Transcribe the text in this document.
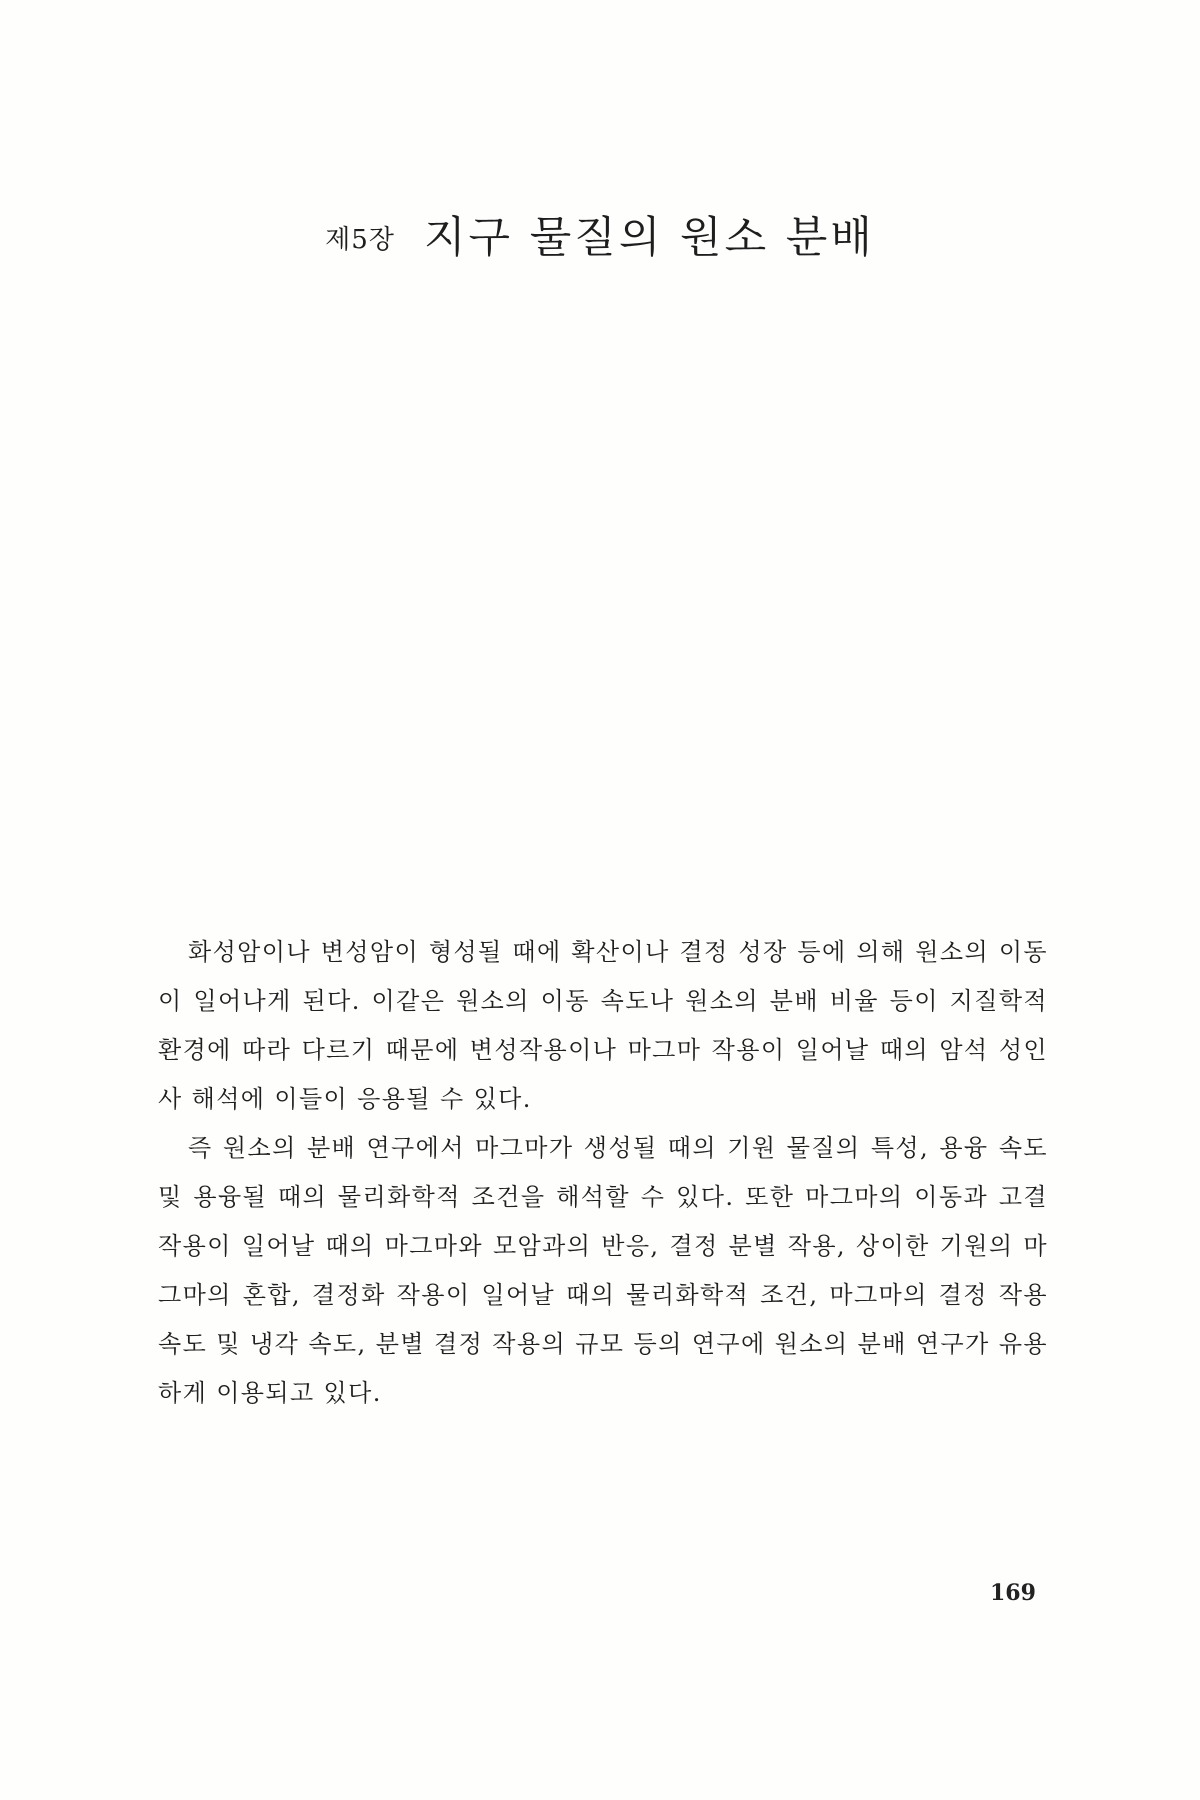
제5장 지구 물질의 원소 분배

화성암이나 변성암이 형성될 때에 확산이나 결정 성장 등에 의해 원소의 이동이 일어나게 된다. 이같은 원소의 이동 속도나 원소의 분배 비율 등이 지질학적 환경에 따라 다르기 때문에 변성작용이나 마그마 작용이 일어날 때의 암석 성인사 해석에 이들이 응용될 수 있다.

즉 원소의 분배 연구에서 마그마가 생성될 때의 기원 물질의 특성, 용융 속도 및 용융될 때의 물리화학적 조건을 해석할 수 있다. 또한 마그마의 이동과 고결 작용이 일어날 때의 마그마와 모암과의 반응, 결정 분별 작용, 상이한 기원의 마그마의 혼합, 결정화 작용이 일어날 때의 물리화학적 조건, 마그마의 결정 작용 속도 및 냉각 속도, 분별 결정 작용의 규모 등의 연구에 원소의 분배 연구가 유용하게 이용되고 있다.

169
